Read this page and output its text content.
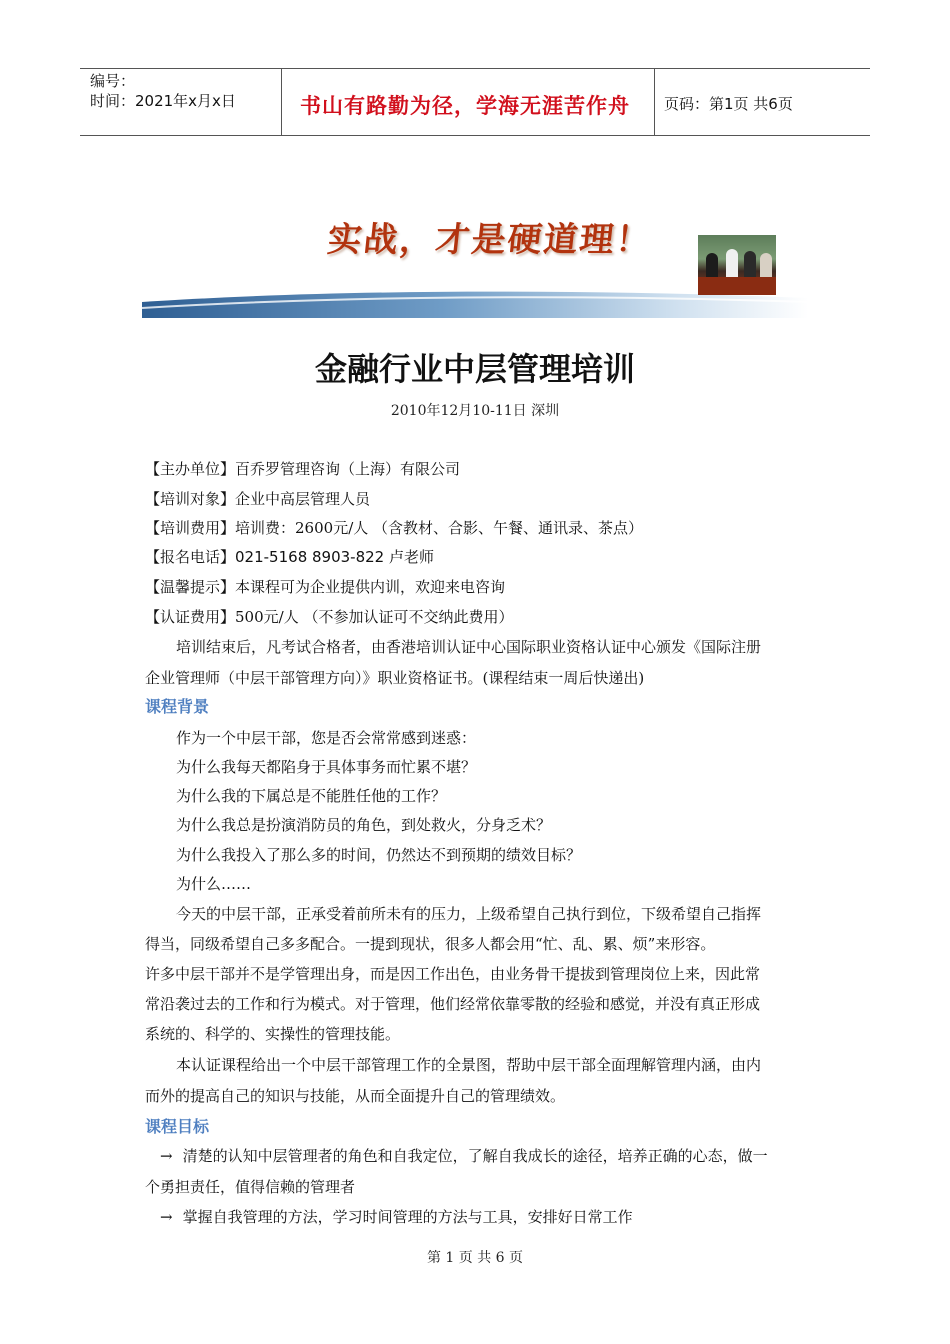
编号：
时间：2021年x月x日	书山有路勤为径，学海无涯苦作舟 页码：第1页 共6页
实战，才是硬道理！
金融行业中层管理培训
2010年12月10-11日 深圳
【主办单位】百乔罗管理咨询（上海）有限公司
【培训对象】企业中高层管理人员
【培训费用】培训费：2600元/人 （含教材、合影、午餐、通讯录、茶点）
【报名电话】021-5168 8903-822 卢老师
【温馨提示】本课程可为企业提供内训，欢迎来电咨询
【认证费用】500元/人 （不参加认证可不交纳此费用）
培训结束后，凡考试合格者，由香港培训认证中心国际职业资格认证中心颁发《国际注册
企业管理师（中层干部管理方向）》职业资格证书。(课程结束一周后快递出)
课程背景
作为一个中层干部，您是否会常常感到迷惑：
为什么我每天都陷身于具体事务而忙累不堪？
为什么我的下属总是不能胜任他的工作？
为什么我总是扮演消防员的角色，到处救火，分身乏术？
为什么我投入了那么多的时间，仍然达不到预期的绩效目标？
为什么……
今天的中层干部，正承受着前所未有的压力，上级希望自己执行到位，下级希望自己指挥
得当，同级希望自己多多配合。一提到现状，很多人都会用“忙、乱、累、烦”来形容。
许多中层干部并不是学管理出身，而是因工作出色，由业务骨干提拔到管理岗位上来，因此常
常沿袭过去的工作和行为模式。对于管理，他们经常依靠零散的经验和感觉，并没有真正形成
系统的、科学的、实操性的管理技能。
本认证课程给出一个中层干部管理工作的全景图，帮助中层干部全面理解管理内涵，由内
而外的提高自己的知识与技能，从而全面提升自己的管理绩效。
课程目标
→ 清楚的认知中层管理者的角色和自我定位，了解自我成长的途径，培养正确的心态，做一
个勇担责任，值得信赖的管理者
→ 掌握自我管理的方法，学习时间管理的方法与工具，安排好日常工作
第 1 页 共 6 页
